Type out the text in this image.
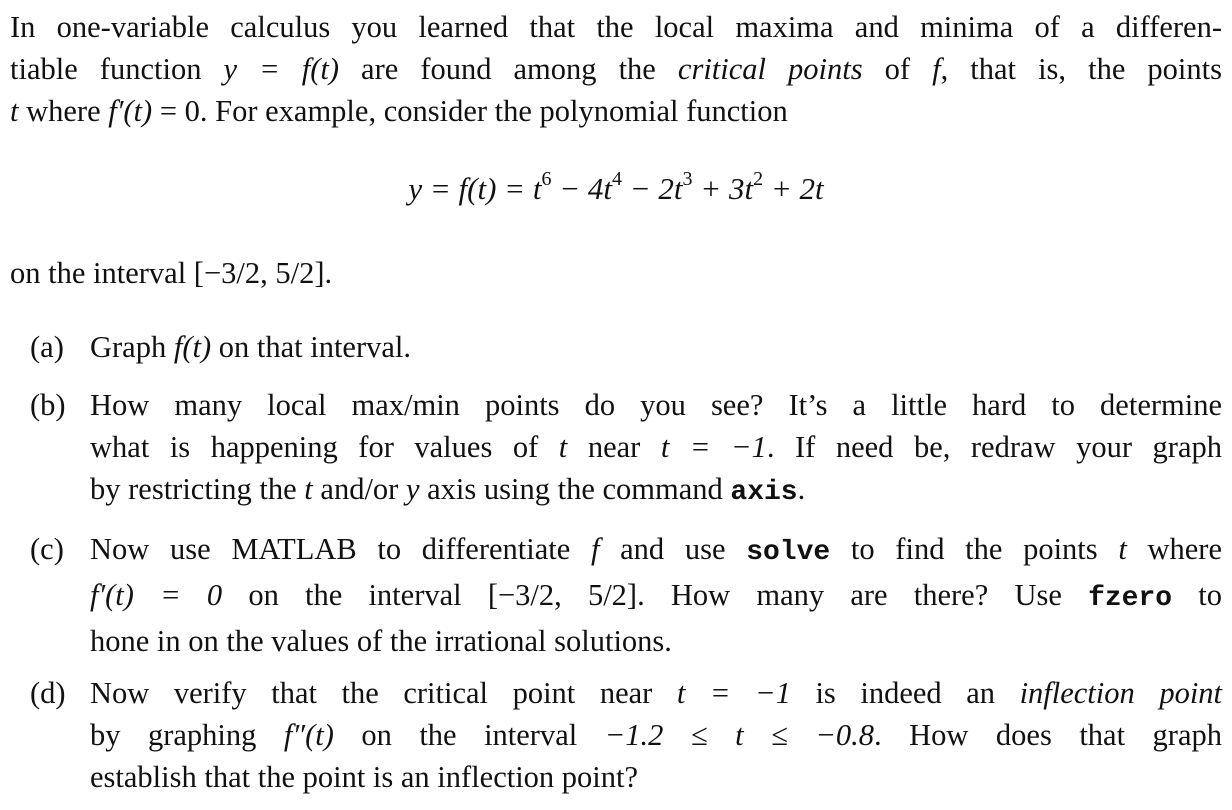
In one-variable calculus you learned that the local maxima and minima of a differen-
tiable function y = f(t) are found among the critical points of f, that is, the points
t where f′(t) = 0. For example, consider the polynomial function
$y = f(t) = t^6 - 4t^4 - 2t^3 + 3t^2 + 2t$
on the interval [−3/2, 5/2].
(a) Graph f(t) on that interval.
(b) How many local max/min points do you see? It’s a little hard to determine
what is happening for values of t near t = −1. If need be, redraw your graph
by restricting the t and/or y axis using the command axis.
(c) Now use MATLAB to differentiate f and use solve to find the points t where
f′(t) = 0 on the interval [−3/2, 5/2]. How many are there? Use fzero to
hone in on the values of the irrational solutions.
(d) Now verify that the critical point near t = −1 is indeed an inflection point
by graphing f″(t) on the interval −1.2 ≤ t ≤ −0.8. How does that graph
establish that the point is an inflection point?
